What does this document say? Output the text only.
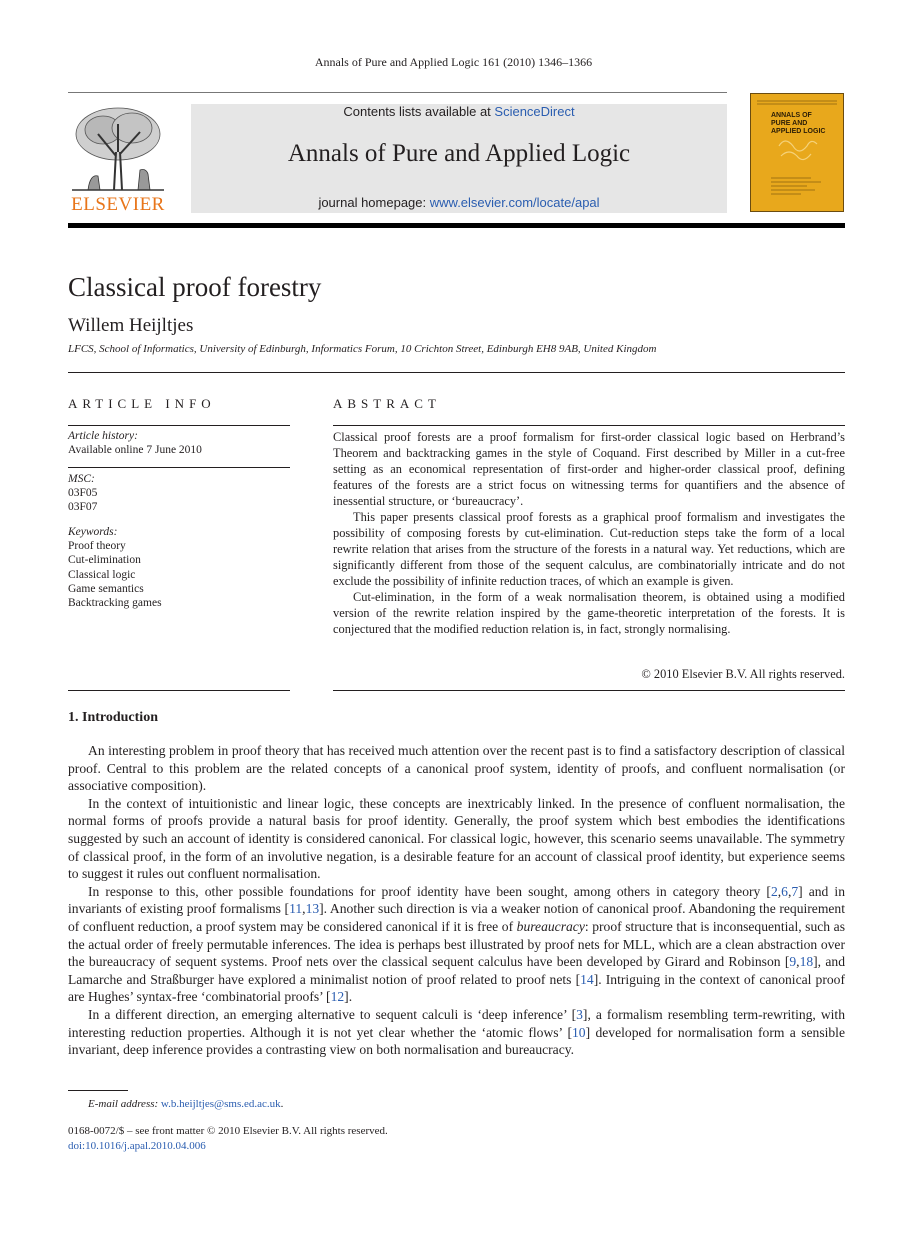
Annals of Pure and Applied Logic 161 (2010) 1346–1366
ELSEVIER
Contents lists available at ScienceDirect
Annals of Pure and Applied Logic
journal homepage: www.elsevier.com/locate/apal
ANNALS OF
PURE AND
APPLIED LOGIC
Classical proof forestry
Willem Heijltjes
LFCS, School of Informatics, University of Edinburgh, Informatics Forum, 10 Crichton Street, Edinburgh EH8 9AB, United Kingdom
ARTICLE INFO
Article history:
Available online 7 June 2010
MSC:
03F05
03F07
Keywords:
Proof theory
Cut-elimination
Classical logic
Game semantics
Backtracking games
ABSTRACT

Classical proof forests are a proof formalism for first-order classical logic based on Herbrand’s Theorem and backtracking games in the style of Coquand. First described by Miller in a cut-free setting as an economical representation of first-order and higher-order classical proof, defining features of the forests are a strict focus on witnessing terms for quantifiers and the absence of inessential structure, or ‘bureaucracy’.

This paper presents classical proof forests as a graphical proof formalism and investigates the possibility of composing forests by cut-elimination. Cut-reduction steps take the form of a local rewrite relation that arises from the structure of the forests in a natural way. Yet reductions, which are significantly different from those of the sequent calculus, are combinatorially intricate and do not exclude the possibility of infinite reduction traces, of which an example is given.

Cut-elimination, in the form of a weak normalisation theorem, is obtained using a modified version of the rewrite relation inspired by the game-theoretic interpretation of the forests. It is conjectured that the modified reduction relation is, in fact, strongly normalising.

© 2010 Elsevier B.V. All rights reserved.
1. Introduction

An interesting problem in proof theory that has received much attention over the recent past is to find a satisfactory description of classical proof. Central to this problem are the related concepts of a canonical proof system, identity of proofs, and confluent normalisation (or associative composition).

In the context of intuitionistic and linear logic, these concepts are inextricably linked. In the presence of confluent normalisation, the normal forms of proofs provide a natural basis for proof identity. Generally, the proof system which best embodies the identifications suggested by such an account of identity is considered canonical. For classical logic, however, this scenario seems unavailable. The symmetry of classical proof, in the form of an involutive negation, is a desirable feature for an account of classical proof identity, but experience seems to suggest it rules out confluent normalisation.

In response to this, other possible foundations for proof identity have been sought, among others in category theory [2,6,7] and in invariants of existing proof formalisms [11,13]. Another such direction is via a weaker notion of canonical proof. Abandoning the requirement of confluent reduction, a proof system may be considered canonical if it is free of bureaucracy: proof structure that is inconsequential, such as the actual order of freely permutable inferences. The idea is perhaps best illustrated by proof nets for MLL, which are a clean abstraction over the bureaucracy of sequent systems. Proof nets over the classical sequent calculus have been developed by Girard and Robinson [9,18], and Lamarche and Straßburger have explored a minimalist notion of proof related to proof nets [14]. Intriguing in the context of canonical proof are Hughes’ syntax-free ‘combinatorial proofs’ [12].

In a different direction, an emerging alternative to sequent calculi is ‘deep inference’ [3], a formalism resembling term-rewriting, with interesting reduction properties. Although it is not yet clear whether the ‘atomic flows’ [10] developed for normalisation form a sensible invariant, deep inference provides a contrasting view on both normalisation and bureaucracy.

E-mail address: w.b.heijltjes@sms.ed.ac.uk.
0168-0072/$ – see front matter © 2010 Elsevier B.V. All rights reserved.
doi:10.1016/j.apal.2010.04.006
